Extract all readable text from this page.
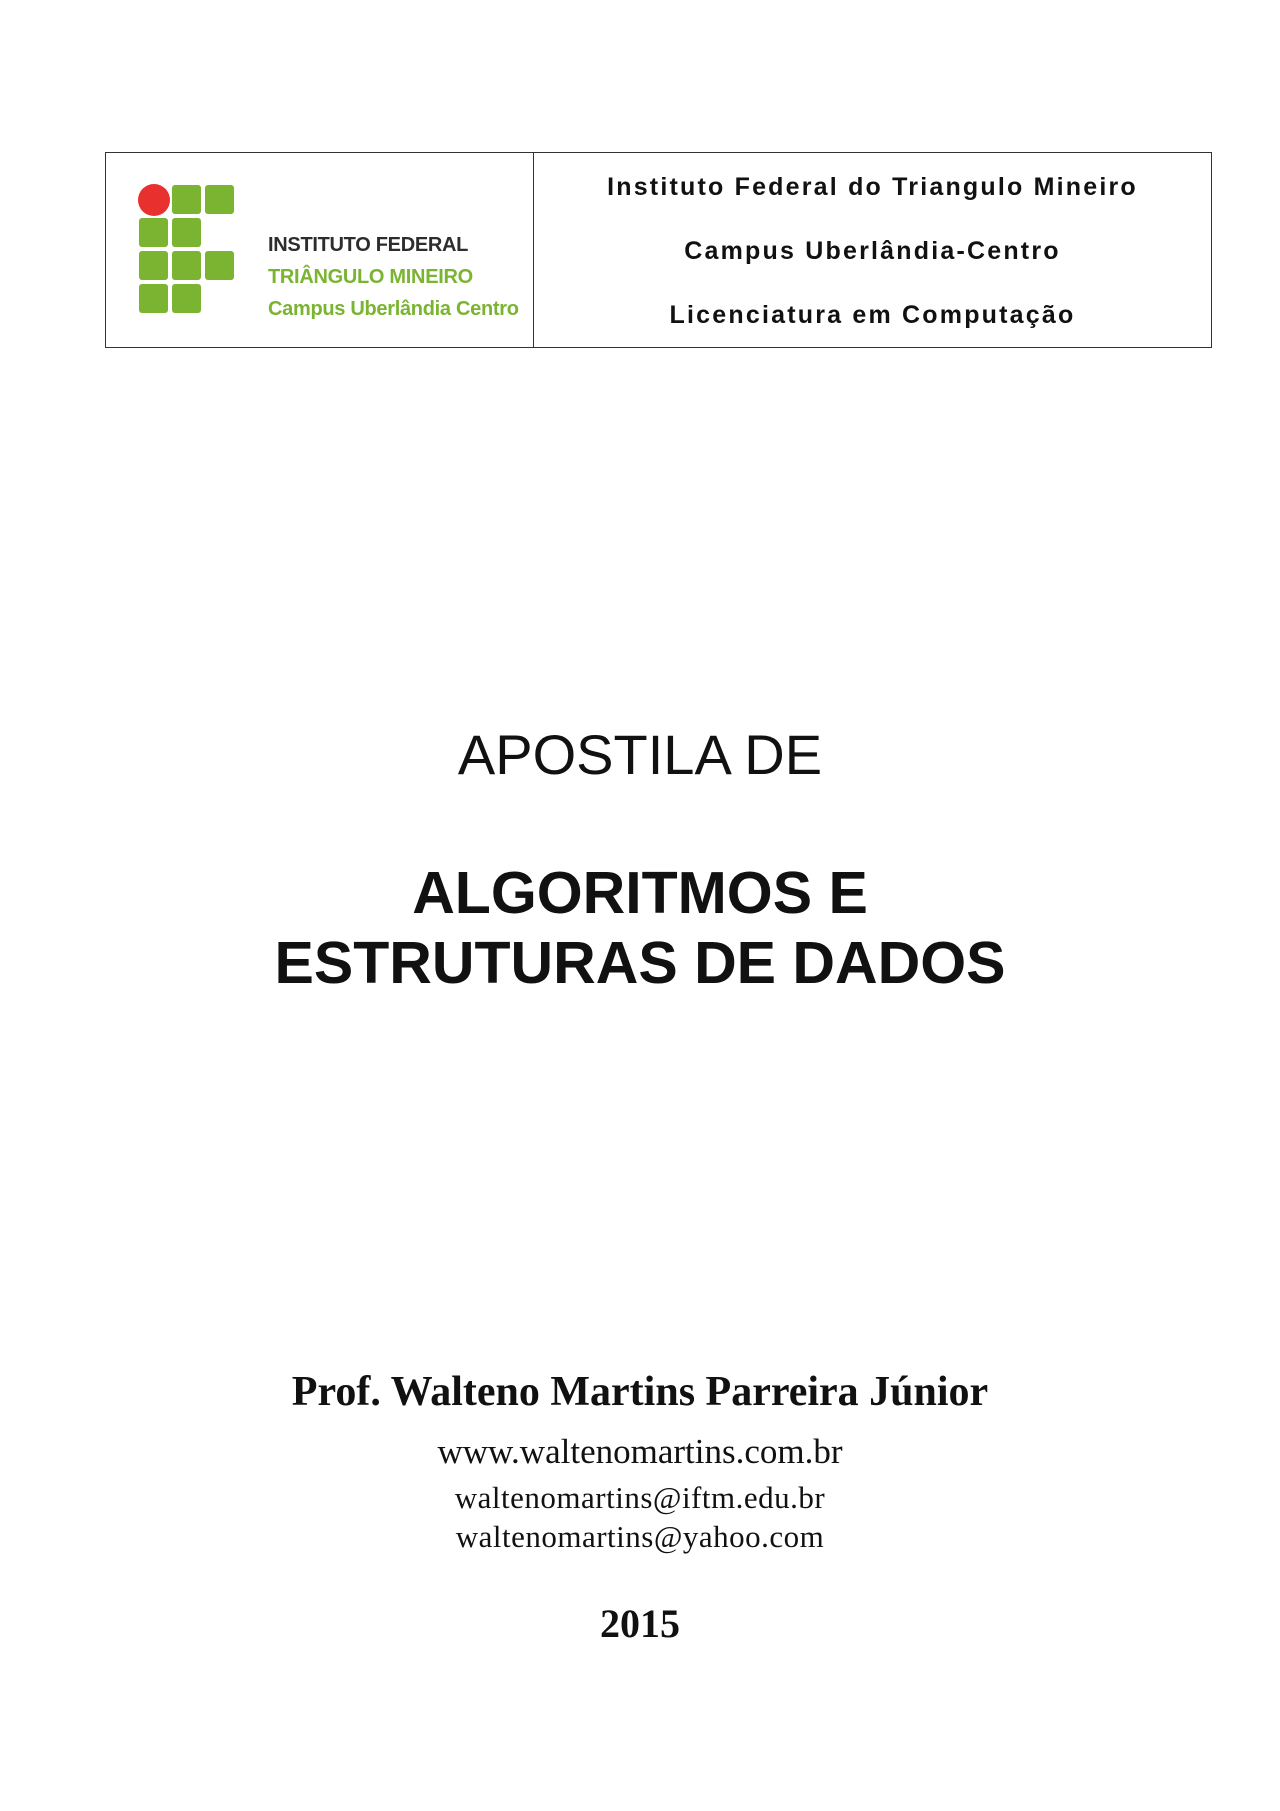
INSTITUTO FEDERAL
TRIÂNGULO MINEIRO
Campus Uberlândia Centro
Instituto Federal do Triangulo Mineiro
Campus Uberlândia-Centro
Licenciatura em Computação
APOSTILA DE
ALGORITMOS E
ESTRUTURAS DE DADOS
Prof. Walteno Martins Parreira Júnior
www.waltenomartins.com.br
waltenomartins@iftm.edu.br
waltenomartins@yahoo.com
2015
